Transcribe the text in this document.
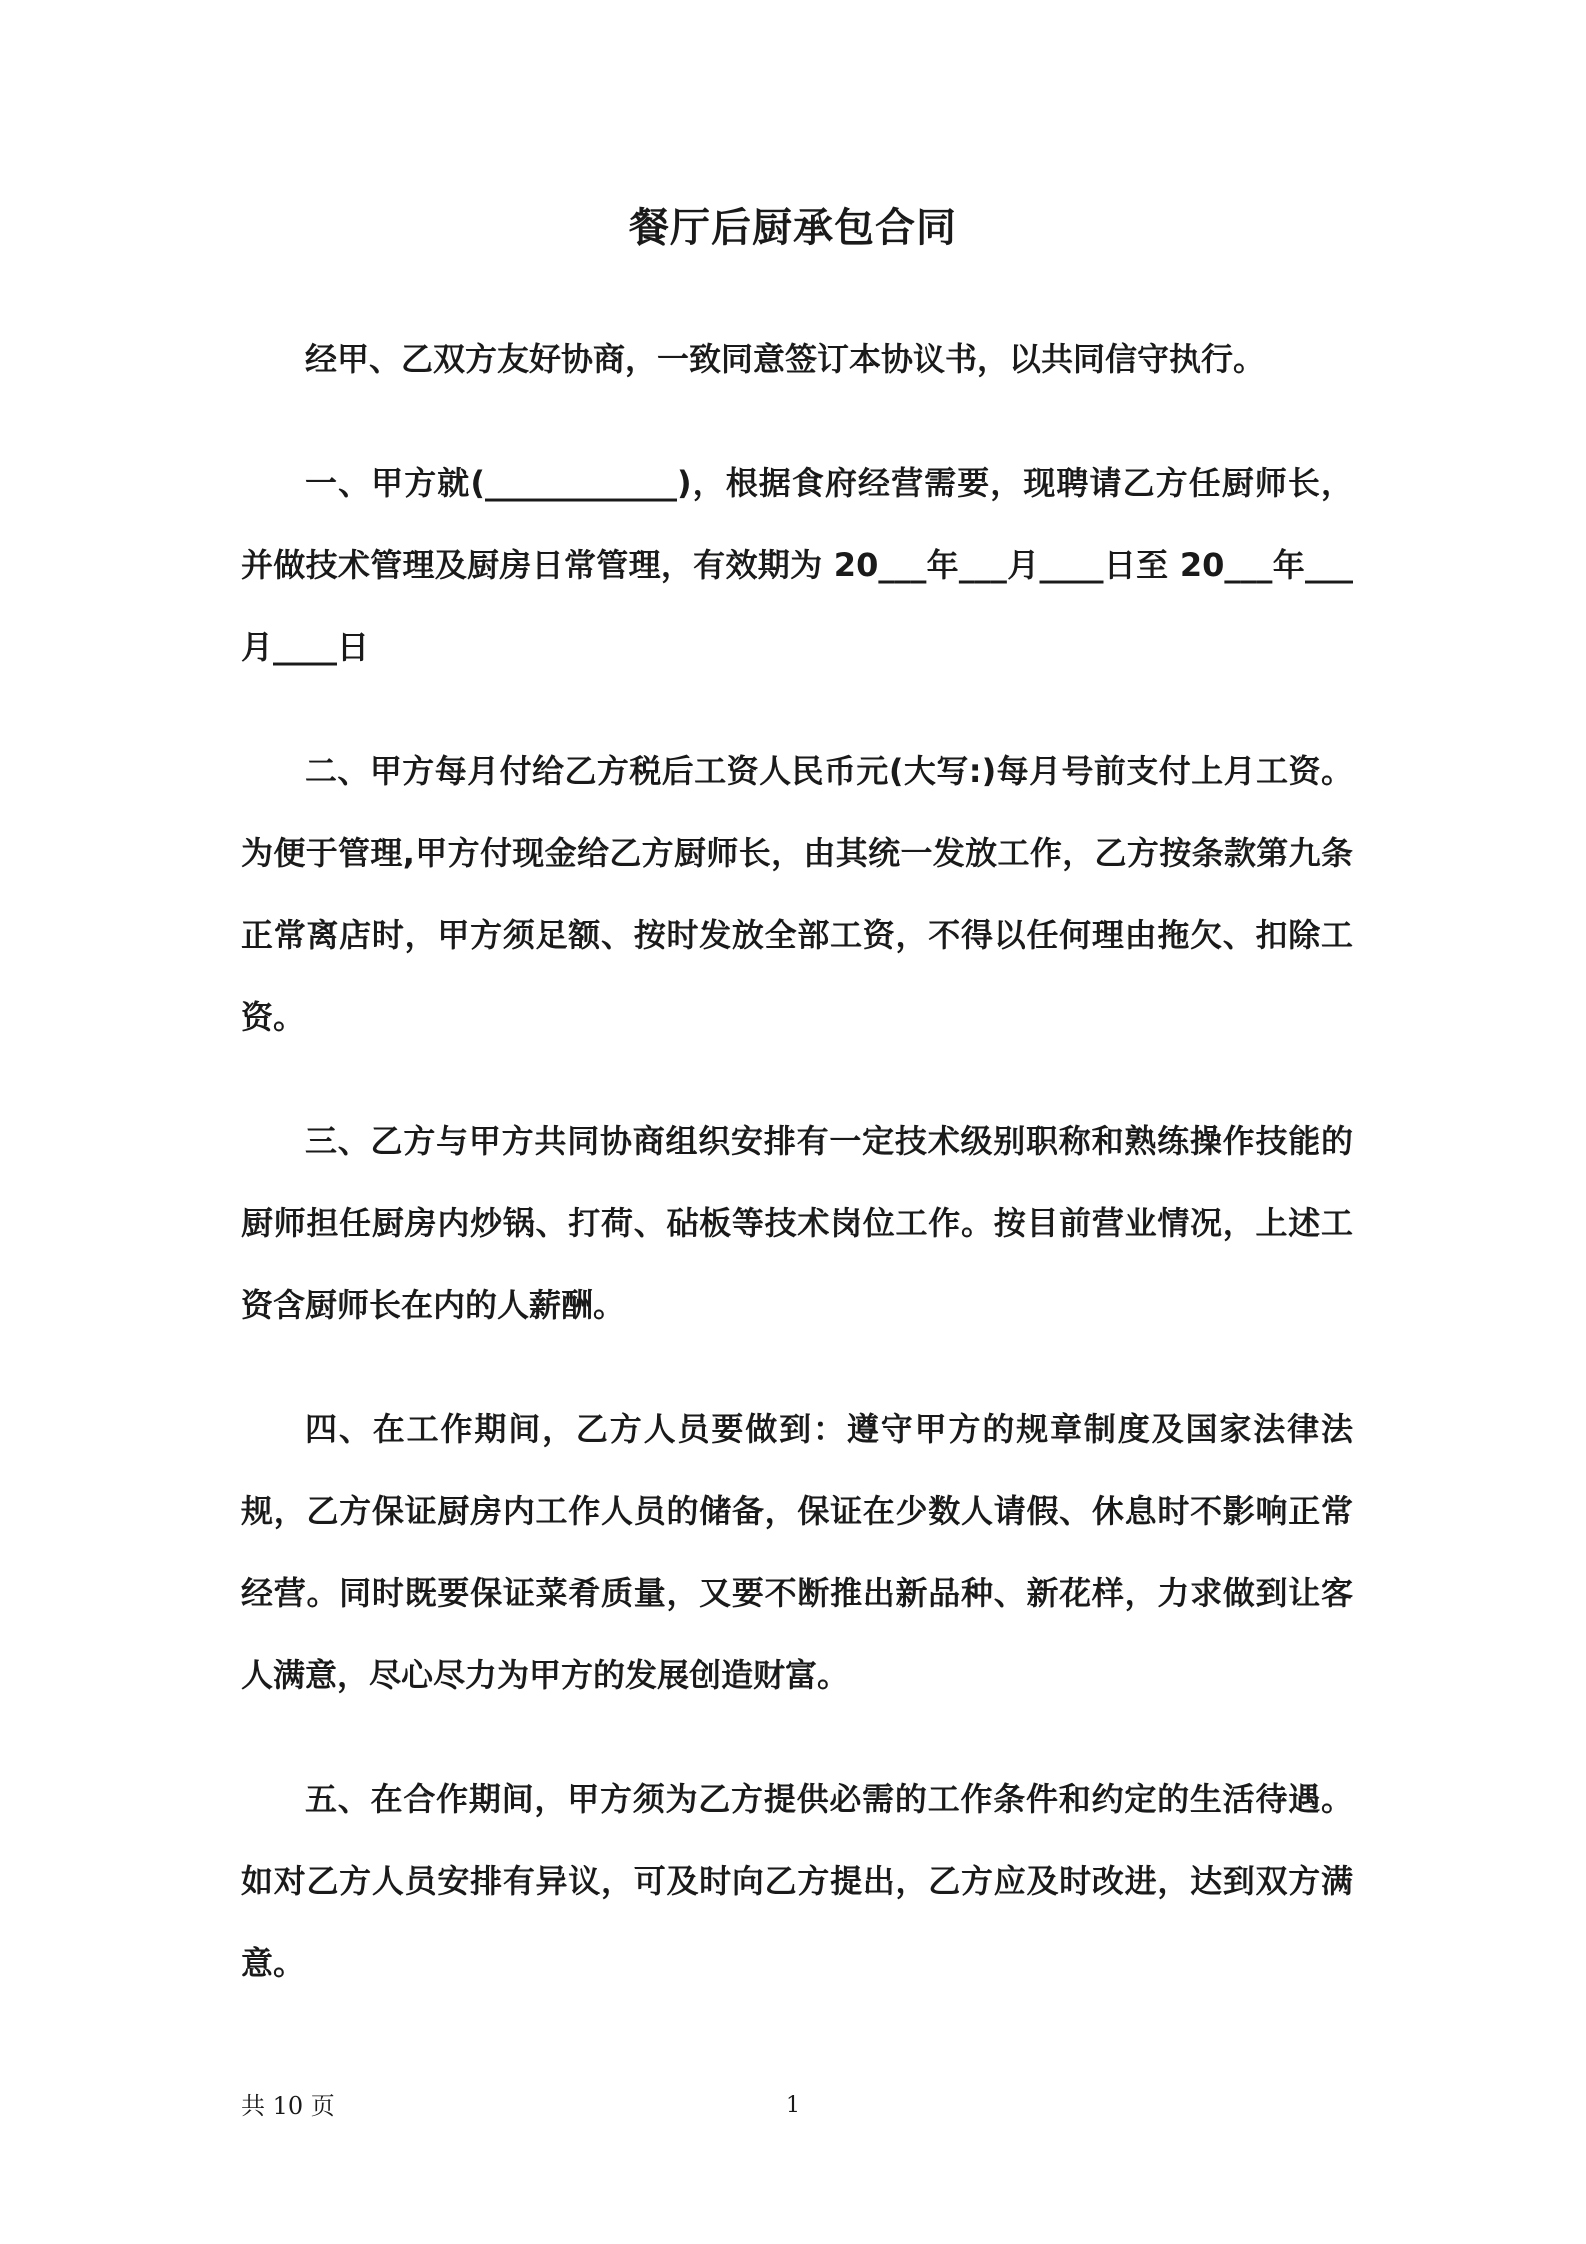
餐厅后厨承包合同

经甲、乙双方友好协商，一致同意签订本协议书，以共同信守执行。

一、甲方就(____________)，根据食府经营需要，现聘请乙方任厨师长，并做技术管理及厨房日常管理，有效期为 20___年___月____日至 20___年___月____日

二、甲方每月付给乙方税后工资人民币元(大写:)每月号前支付上月工资。为便于管理,甲方付现金给乙方厨师长，由其统一发放工作，乙方按条款第九条正常离店时，甲方须足额、按时发放全部工资，不得以任何理由拖欠、扣除工资。

三、乙方与甲方共同协商组织安排有一定技术级别职称和熟练操作技能的厨师担任厨房内炒锅、打荷、砧板等技术岗位工作。按目前营业情况，上述工资含厨师长在内的人薪酬。

四、在工作期间，乙方人员要做到：遵守甲方的规章制度及国家法律法规，乙方保证厨房内工作人员的储备，保证在少数人请假、休息时不影响正常经营。同时既要保证菜肴质量，又要不断推出新品种、新花样，力求做到让客人满意，尽心尽力为甲方的发展创造财富。

五、在合作期间，甲方须为乙方提供必需的工作条件和约定的生活待遇。如对乙方人员安排有异议，可及时向乙方提出，乙方应及时改进，达到双方满意。

共 10 页	1
